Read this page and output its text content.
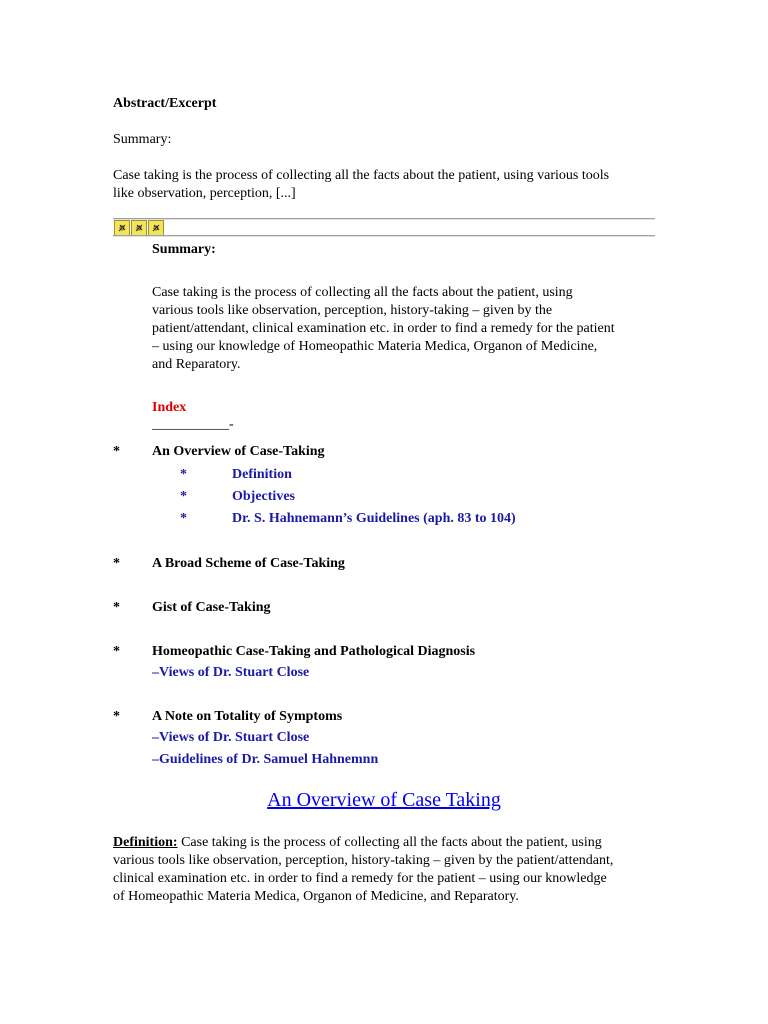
Abstract/Excerpt
Summary:
Case taking is the process of collecting all the facts about the patient, using various tools
like observation, perception, [...]
Summary:

Case taking is the process of collecting all the facts about the patient, using

various tools like observation, perception, history-taking – given by the

patient/attendant, clinical examination etc. in order to find a remedy for the patient

– using our knowledge of Homeopathic Materia Medica, Organon of Medicine,

and Reparatory.

Index
___________-
* An Overview of Case-Taking
*	Definition
*	Objectives
*	Dr. S. Hahnemann’s Guidelines (aph. 83 to 104)
* A Broad Scheme of Case-Taking
* Gist of Case-Taking
* Homeopathic Case-Taking and Pathological Diagnosis
–Views of Dr. Stuart Close
* A Note on Totality of Symptoms
–Views of Dr. Stuart Close
–Guidelines of Dr. Samuel Hahnemnn
An Overview of Case Taking

Definition: Case taking is the process of collecting all the facts about the patient, using

various tools like observation, perception, history-taking – given by the patient/attendant,

clinical examination etc. in order to find a remedy for the patient – using our knowledge

of Homeopathic Materia Medica, Organon of Medicine, and Reparatory.
